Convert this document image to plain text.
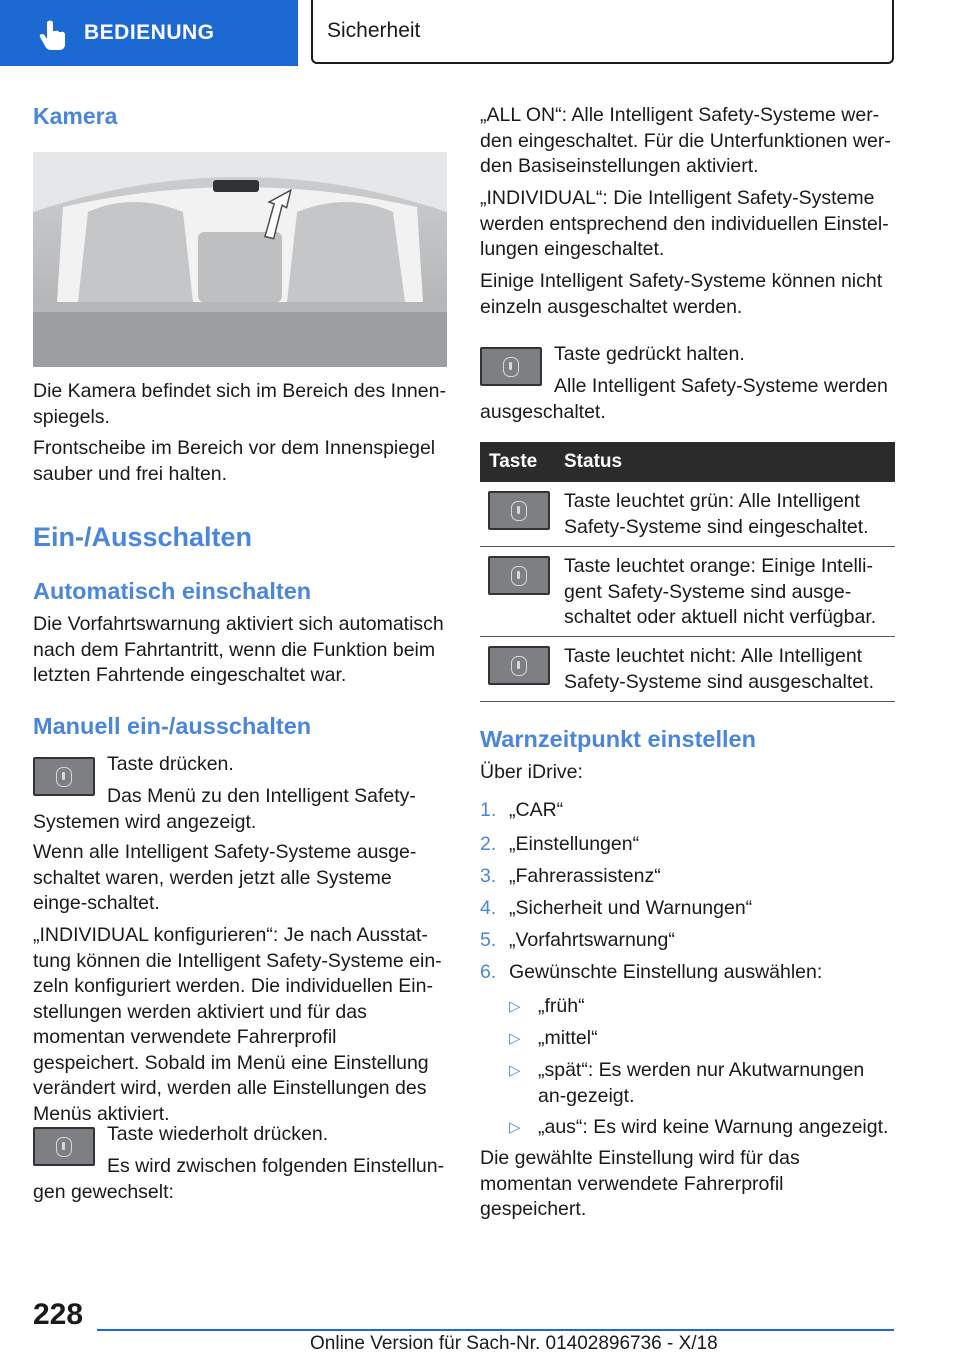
BEDIENUNG	Sicherheit
Kamera

Die Kamera befindet sich im Bereich des Innen-spiegels.

Frontscheibe im Bereich vor dem Innenspiegel sauber und frei halten.

Ein-/Ausschalten
Automatisch einschalten

Die Vorfahrtswarnung aktiviert sich automatisch nach dem Fahrtantritt, wenn die Funktion beim letzten Fahrtende eingeschaltet war.

Manuell ein-/ausschalten

Taste drücken.

Das Menü zu den Intelligent Safety-Systemen wird angezeigt.

Wenn alle Intelligent Safety-Systeme ausge-schaltet waren, werden jetzt alle Systeme einge-schaltet.

„INDIVIDUAL konfigurieren“: Je nach Ausstat-tung können die Intelligent Safety-Systeme ein-zeln konfiguriert werden. Die individuellen Ein-stellungen werden aktiviert und für das momentan verwendete Fahrerprofil gespeichert. Sobald im Menü eine Einstellung verändert wird, werden alle Einstellungen des Menüs aktiviert.

Taste wiederholt drücken.

Es wird zwischen folgenden Einstellun-gen gewechselt:

„ALL ON“: Alle Intelligent Safety-Systeme wer-den eingeschaltet. Für die Unterfunktionen wer-den Basiseinstellungen aktiviert.

„INDIVIDUAL“: Die Intelligent Safety-Systeme werden entsprechend den individuellen Einstel-lungen eingeschaltet.

Einige Intelligent Safety-Systeme können nicht einzeln ausgeschaltet werden.

Taste gedrückt halten.

Alle Intelligent Safety-Systeme werden ausgeschaltet.

Taste	Status
Taste leuchtet grün: Alle Intelligent Safety-Systeme sind eingeschaltet.
Taste leuchtet orange: Einige Intelli-gent Safety-Systeme sind ausge-schaltet oder aktuell nicht verfügbar.
Taste leuchtet nicht: Alle Intelligent Safety-Systeme sind ausgeschaltet.
Warnzeitpunkt einstellen

Über iDrive:

1. „CAR“
2. „Einstellungen“
3. „Fahrerassistenz“
4. „Sicherheit und Warnungen“
5. „Vorfahrtswarnung“
6. Gewünschte Einstellung auswählen:
▷ „früh“
▷ „mittel“
▷ „spät“: Es werden nur Akutwarnungen an-gezeigt.
▷ „aus“: Es wird keine Warnung angezeigt.

Die gewählte Einstellung wird für das momentan verwendete Fahrerprofil gespeichert.

228
Online Version für Sach-Nr. 01402896736 - X/18
